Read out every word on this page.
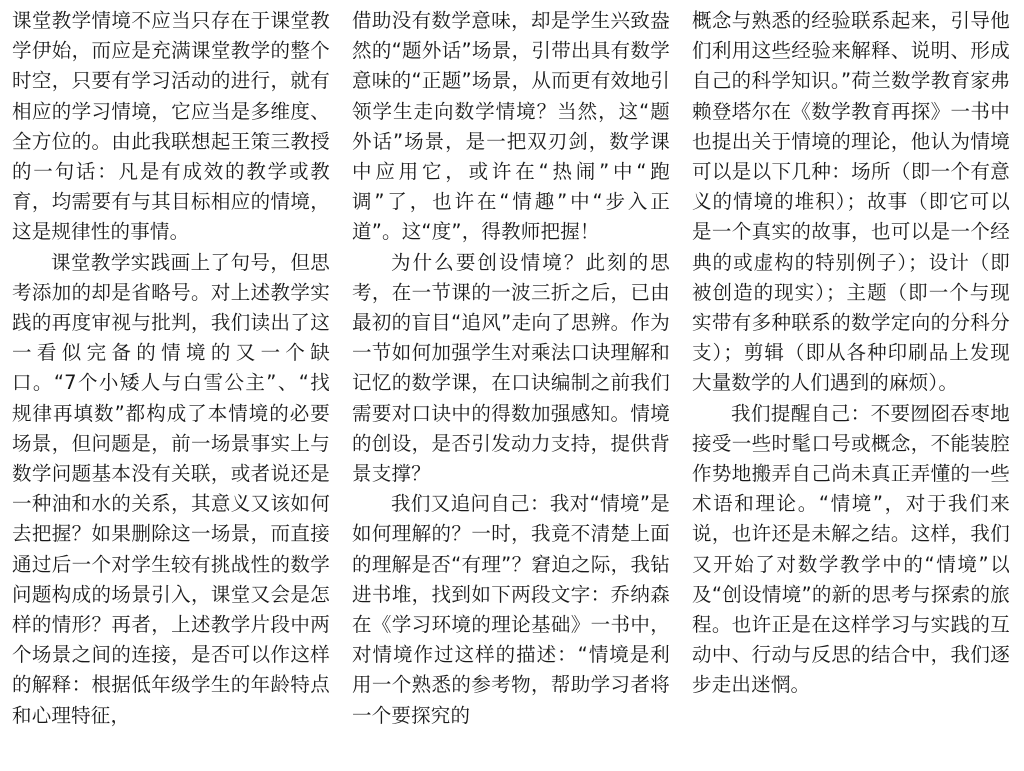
课堂教学情境不应当只存在于课堂教学伊始，而应是充满课堂教学的整个时空，只要有学习活动的进行，就有相应的学习情境，它应当是多维度、全方位的。由此我联想起王策三教授的一句话：凡是有成效的教学或教育，均需要有与其目标相应的情境，这是规律性的事情。

课堂教学实践画上了句号，但思考添加的却是省略号。对上述教学实践的再度审视与批判，我们读出了这一看似完备的情境的又一个缺口。“7个小矮人与白雪公主”、“找规律再填数”都构成了本情境的必要场景，但问题是，前一场景事实上与数学问题基本没有关联，或者说还是一种油和水的关系，其意义又该如何去把握？如果删除这一场景，而直接通过后一个对学生较有挑战性的数学问题构成的场景引入，课堂又会是怎样的情形？再者，上述教学片段中两个场景之间的连接，是否可以作这样的解释：根据低年级学生的年龄特点和心理特征，

借助没有数学意味，却是学生兴致盎然的“题外话”场景，引带出具有数学意味的“正题”场景，从而更有效地引领学生走向数学情境？当然，这“题外话”场景，是一把双刃剑，数学课中应用它，或许在“热闹”中“跑调”了，也许在“情趣”中“步入正道”。这“度”，得教师把握！

为什么要创设情境？此刻的思考，在一节课的一波三折之后，已由最初的盲目“追风”走向了思辨。作为一节如何加强学生对乘法口诀理解和记忆的数学课，在口诀编制之前我们需要对口诀中的得数加强感知。情境的创设，是否引发动力支持，提供背景支撑？

我们又追问自己：我对“情境”是如何理解的？一时，我竟不清楚上面的理解是否“有理”？窘迫之际，我钻进书堆，找到如下两段文字：乔纳森在《学习环境的理论基础》一书中，对情境作过这样的描述：“情境是利用一个熟悉的参考物，帮助学习者将一个要探究的

概念与熟悉的经验联系起来，引导他们利用这些经验来解释、说明、形成自己的科学知识。”荷兰数学教育家弗赖登塔尔在《数学教育再探》一书中也提出关于情境的理论，他认为情境可以是以下几种：场所（即一个有意义的情境的堆积）；故事（即它可以是一个真实的故事，也可以是一个经典的或虚构的特别例子）；设计（即被创造的现实）；主题（即一个与现实带有多种联系的数学定向的分科分支）；剪辑（即从各种印刷品上发现大量数学的人们遇到的麻烦）。

我们提醒自己：不要囫囵吞枣地接受一些时髦口号或概念，不能装腔作势地搬弄自己尚未真正弄懂的一些术语和理论。“情境”，对于我们来说，也许还是未解之结。这样，我们又开始了对数学教学中的“情境”以及“创设情境”的新的思考与探索的旅程。也许正是在这样学习与实践的互动中、行动与反思的结合中，我们逐步走出迷惘。
